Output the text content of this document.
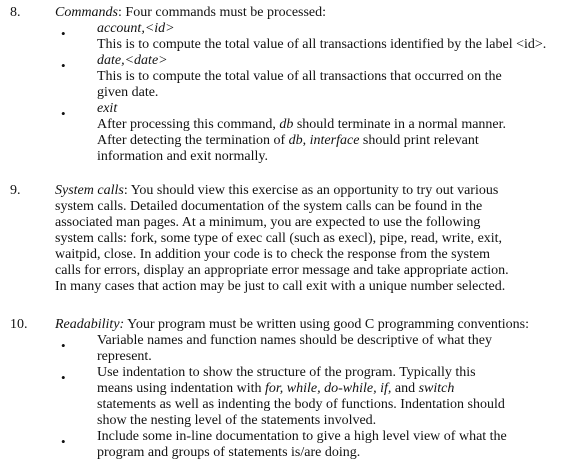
8. Commands: Four commands must be processed:
• account,<id>
This is to compute the total value of all transactions identified by the label <id>.
• date,<date>
This is to compute the total value of all transactions that occurred on the
given date.
• exit
After processing this command, db should terminate in a normal manner.
After detecting the termination of db, interface should print relevant
information and exit normally.
9. System calls: You should view this exercise as an opportunity to try out various
system calls. Detailed documentation of the system calls can be found in the
associated man pages. At a minimum, you are expected to use the following
system calls: fork, some type of exec call (such as execl), pipe, read, write, exit,
waitpid, close. In addition your code is to check the response from the system
calls for errors, display an appropriate error message and take appropriate action.
In many cases that action may be just to call exit with a unique number selected.
10. Readability: Your program must be written using good C programming conventions:
• Variable names and function names should be descriptive of what they
represent.
• Use indentation to show the structure of the program. Typically this
means using indentation with for, while, do-while, if, and switch
statements as well as indenting the body of functions. Indentation should
show the nesting level of the statements involved.
• Include some in-line documentation to give a high level view of what the
program and groups of statements is/are doing.
